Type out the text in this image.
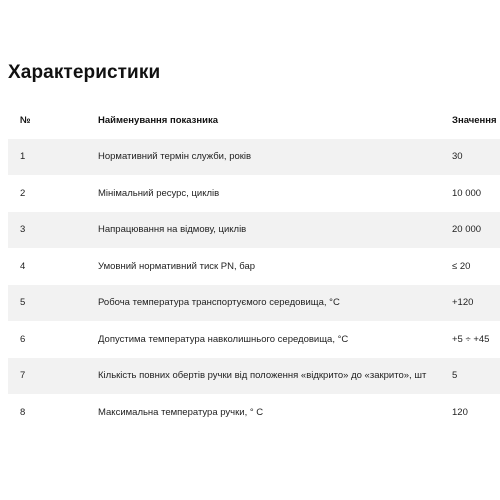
Характеристики
№	Найменування показника	Значення
1	Нормативний термін служби, років	30
2	Мінімальний ресурс, циклів	10 000
3	Напрацювання на відмову, циклів	20 000
4	Умовний нормативний тиск PN, бар	≤ 20
5	Робоча температура транспортуємого середовища, °С	+120
6	Допустима температура навколишнього середовища, °С	+5 ÷ +45
7	Кількість повних обертів ручки від положення «відкрито» до «закрито», шт	5
8	Максимальна температура ручки, ° С	120
